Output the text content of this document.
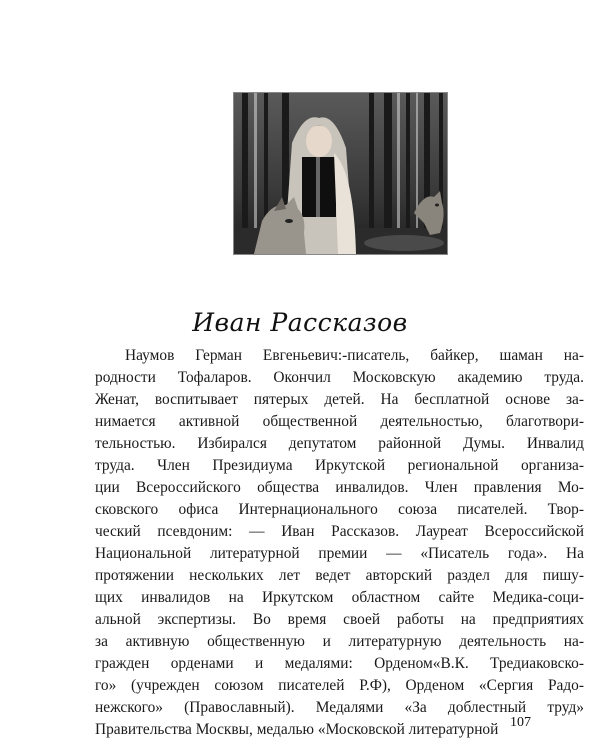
Иван Рассказов
Наумов Герман Евгеньевич:-писатель, байкер, шаман на-
родности Тофаларов. Окончил Московскую академию труда.
Женат, воспитывает пятерых детей. На бесплатной основе за-
нимается активной общественной деятельностью, благотвори-
тельностью. Избирался депутатом районной Думы. Инвалид
труда. Член Президиума Иркутской региональной организа-
ции Всероссийского общества инвалидов. Член правления Мо-
сковского офиса Интернационального союза писателей. Твор-
ческий псевдоним: — Иван Рассказов. Лауреат Всероссийской
Национальной литературной премии — «Писатель года». На
протяжении нескольких лет ведет авторский раздел для пишу-
щих инвалидов на Иркутском областном сайте Медика-соци-
альной экспертизы. Во время своей работы на предприятиях
за активную общественную и литературную деятельность на-
гражден орденами и медалями: Орденом«В.К. Тредиаковско-
го» (учрежден союзом писателей Р.Ф), Орденом «Сергия Радо-
нежского» (Православный). Медалями «За доблестный труд»
Правительства Москвы, медалью «Московской литературной 107
